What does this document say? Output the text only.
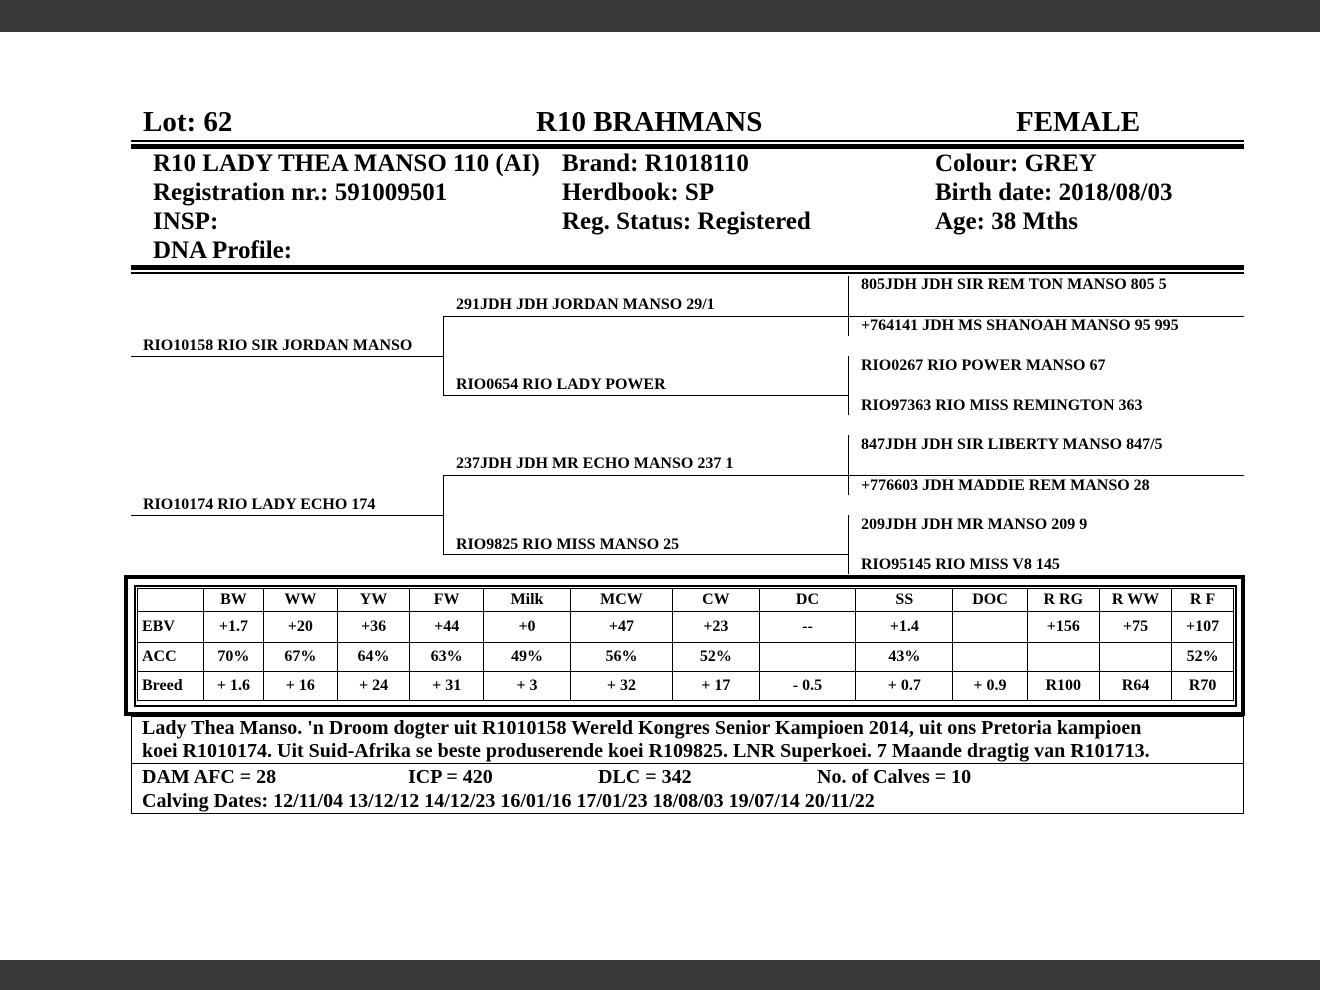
Lot: 62	R10 BRAHMANS	FEMALE
R10 LADY THEA MANSO 110 (AI)
Registration nr.: 591009501
INSP:
DNA Profile:
Brand: R1018110
Herdbook: SP
Reg. Status: Registered
Colour: GREY
Birth date: 2018/08/03
Age: 38 Mths
RIO10158 RIO SIR JORDAN MANSO
RIO10174 RIO LADY ECHO 174
291JDH JDH JORDAN MANSO 29/1
RIO0654 RIO LADY POWER
237JDH JDH MR ECHO MANSO 237 1
RIO9825 RIO MISS MANSO 25
805JDH JDH SIR REM TON MANSO 805 5
+764141 JDH MS SHANOAH MANSO 95 995
RIO0267 RIO POWER MANSO 67
RIO97363 RIO MISS REMINGTON 363
847JDH JDH SIR LIBERTY MANSO 847/5
+776603 JDH MADDIE REM MANSO 28
209JDH JDH MR MANSO 209 9
RIO95145 RIO MISS V8 145
	BW	WW	YW	FW	Milk	MCW	CW	DC	SS	DOC	R RG	R WW	R F
EBV	+1.7	+20	+36	+44	+0	+47	+23	--	+1.4		+156	+75	+107
ACC	70%	67%	64%	63%	49%	56%	52%		43%				52%
Breed	+ 1.6	+ 16	+ 24	+ 31	+ 3	+ 32	+ 17	- 0.5	+ 0.7	+ 0.9	R100	R64	R70
Lady Thea Manso. 'n Droom dogter uit R1010158 Wereld Kongres Senior Kampioen 2014, uit ons Pretoria kampioen
koei R1010174. Uit Suid-Afrika se beste produserende koei R109825. LNR Superkoei. 7 Maande dragtig van R101713.
DAM AFC = 28	ICP = 420	DLC = 342	No. of Calves = 10
Calving Dates: 12/11/04 13/12/12 14/12/23 16/01/16 17/01/23 18/08/03 19/07/14 20/11/22
